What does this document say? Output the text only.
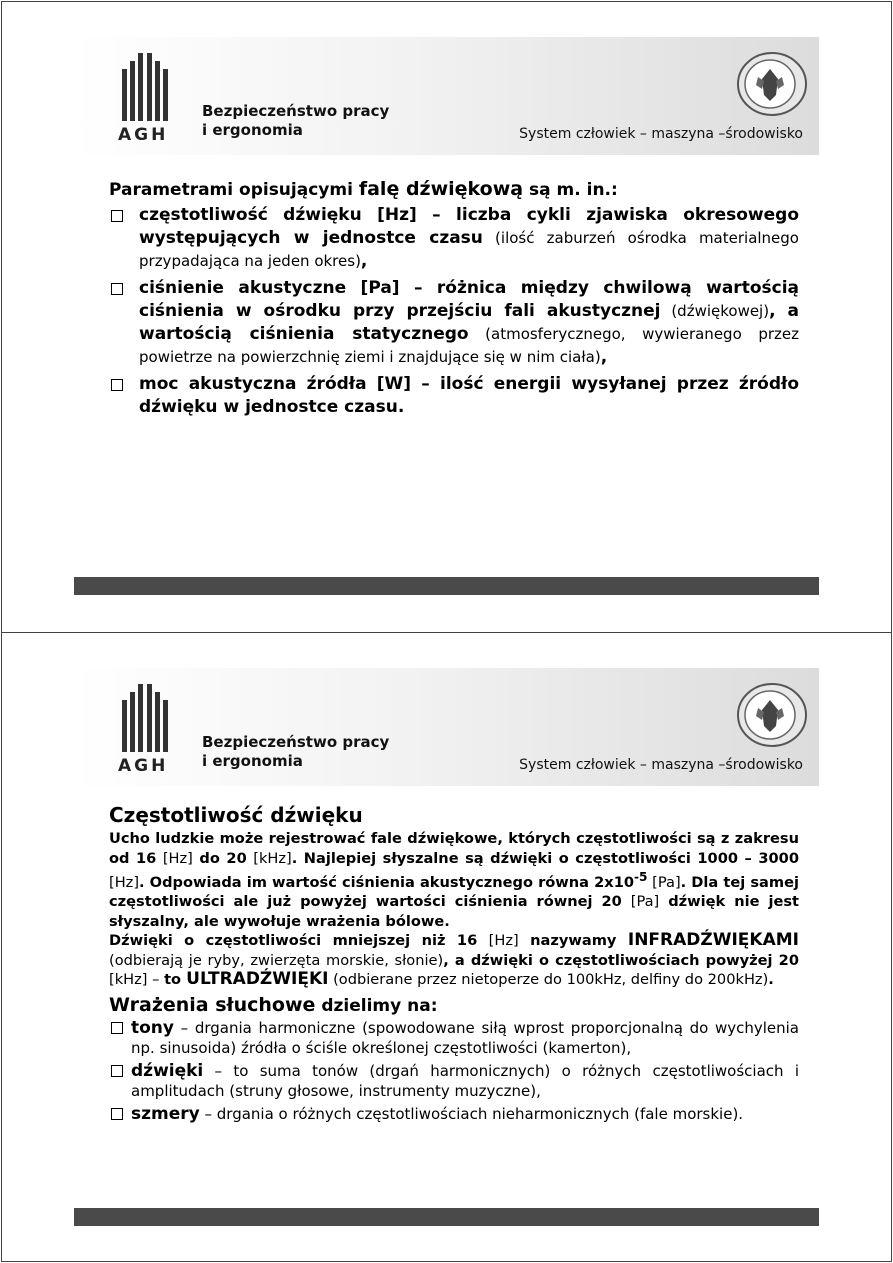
AGH
Bezpieczeństwo pracy
i ergonomia	System człowiek – maszyna –środowisko
Parametrami opisującymi falę dźwiękową są m. in.:
częstotliwość dźwięku [Hz] – liczba cykli zjawiska okresowego występujących w jednostce czasu (ilość zaburzeń ośrodka materialnego przypadająca na jeden okres),
ciśnienie akustyczne [Pa] – różnica między chwilową wartością ciśnienia w ośrodku przy przejściu fali akustycznej (dźwiękowej), a wartością ciśnienia statycznego (atmosferycznego, wywieranego przez powietrze na powierzchnię ziemi i znajdujące się w nim ciała),
moc akustyczna źródła [W] – ilość energii wysyłanej przez źródło dźwięku w jednostce czasu.
AGH
Bezpieczeństwo pracy
i ergonomia	System człowiek – maszyna –środowisko
Częstotliwość dźwięku
Ucho ludzkie może rejestrować fale dźwiękowe, których częstotliwości są z zakresu od 16 [Hz] do 20 [kHz]. Najlepiej słyszalne są dźwięki o częstotliwości 1000 – 3000 [Hz]. Odpowiada im wartość ciśnienia akustycznego równa $2x10^{-5}$ [Pa]. Dla tej samej częstotliwości ale już powyżej wartości ciśnienia równej 20 [Pa] dźwięk nie jest słyszalny, ale wywołuje wrażenia bólowe.
Dźwięki o częstotliwości mniejszej niż 16 [Hz] nazywamy INFRADŹWIĘKAMI (odbierają je ryby, zwierzęta morskie, słonie), a dźwięki o częstotliwościach powyżej 20 [kHz] – to ULTRADŹWIĘKI (odbierane przez nietoperze do 100kHz, delfiny do 200kHz).
Wrażenia słuchowe dzielimy na:
tony – drgania harmoniczne (spowodowane siłą wprost proporcjonalną do wychylenia np. sinusoida) źródła o ściśle określonej częstotliwości (kamerton),
dźwięki – to suma tonów (drgań harmonicznych) o różnych częstotliwościach i amplitudach (struny głosowe, instrumenty muzyczne),
szmery – drgania o różnych częstotliwościach nieharmonicznych (fale morskie).
